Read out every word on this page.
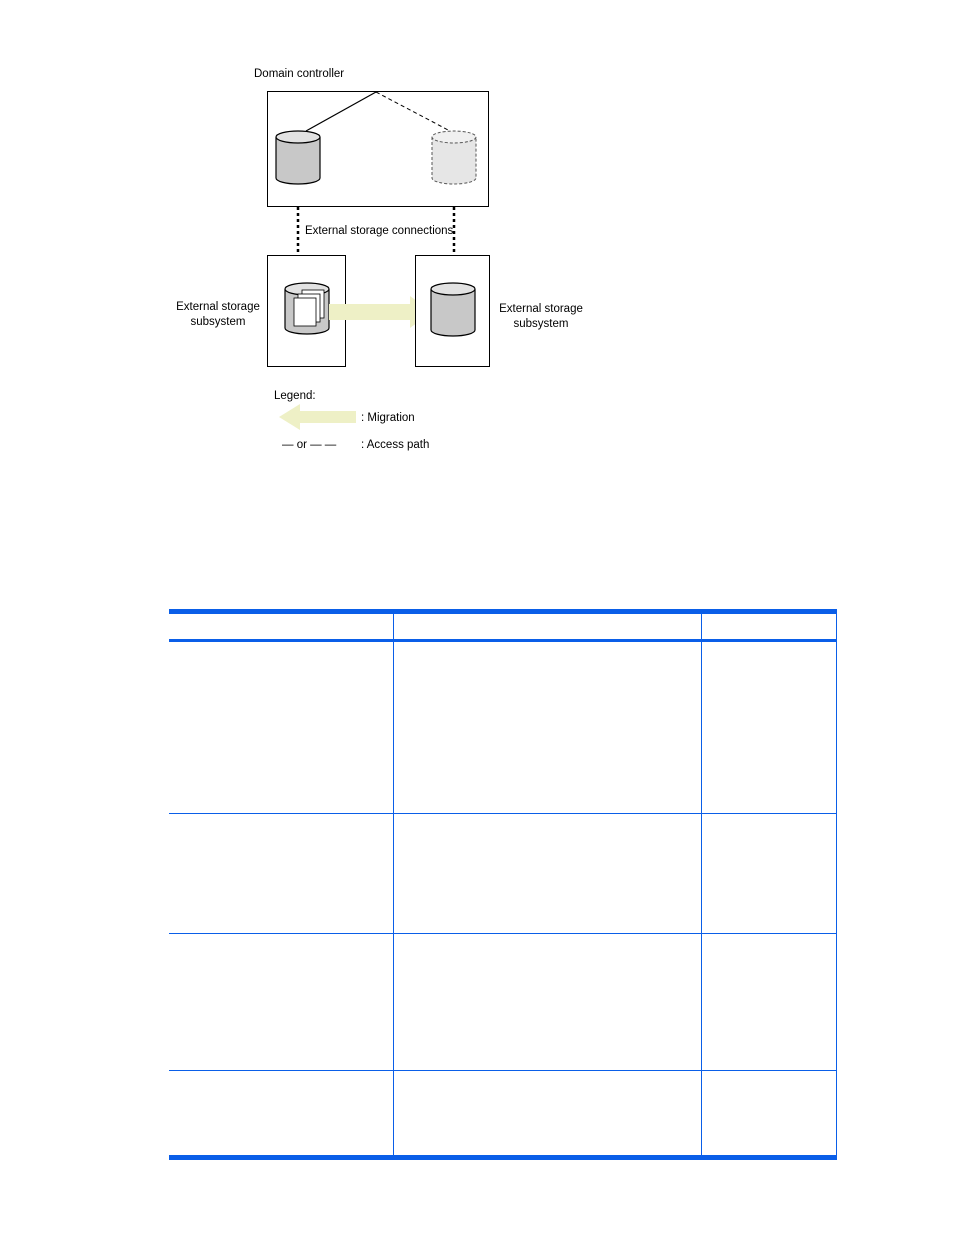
Domain controller
External storage connections
External storage
subsystem
External storage
subsystem
Legend:
: Migration
— or — — : Access path
